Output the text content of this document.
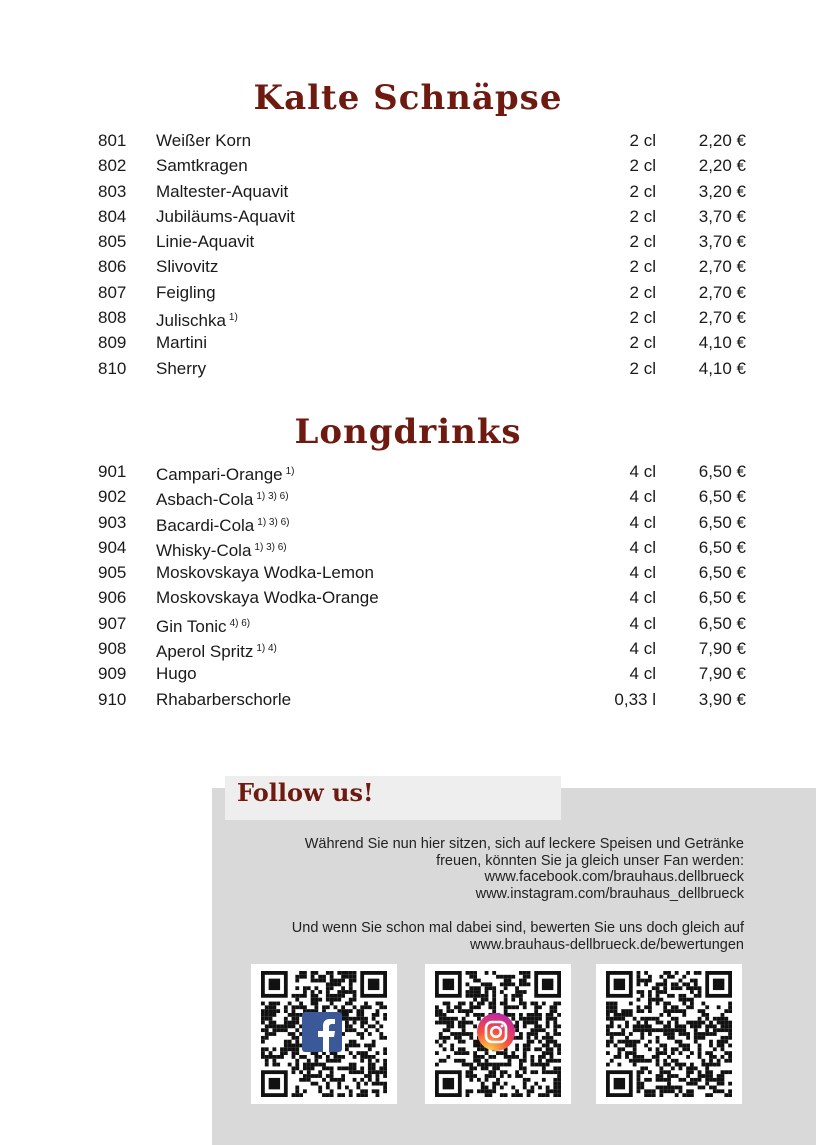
Kalte Schnäpse
801 Weißer Korn	2 cl	2,20 €
802 Samtkragen	2 cl	2,20 €
803 Maltester-Aquavit	2 cl	3,20 €
804 Jubiläums-Aquavit	2 cl	3,70 €
805 Linie-Aquavit	2 cl	3,70 €
806 Slivovitz	2 cl	2,70 €
807 Feigling	2 cl	2,70 €
808 Julischka $^{1)}$	2 cl	2,70 €
809 Martini	2 cl	4,10 €
810 Sherry	2 cl	4,10 €
Longdrinks
901 Campari-Orange $^{1)}$	4 cl	6,50 €
902 Asbach-Cola $^{1) 3) 6)}$	4 cl	6,50 €
903 Bacardi-Cola $^{1) 3) 6)}$	4 cl	6,50 €
904 Whisky-Cola $^{1) 3) 6)}$	4 cl	6,50 €
905 Moskovskaya Wodka-Lemon	4 cl	6,50 €
906 Moskovskaya Wodka-Orange	4 cl	6,50 €
907 Gin Tonic $^{4) 6)}$	4 cl	6,50 €
908 Aperol Spritz $^{1) 4)}$	4 cl	7,90 €
909 Hugo	4 cl	7,90 €
910 Rhabarberschorle	0,33 l	3,90 €
Follow us!
Während Sie nun hier sitzen, sich auf leckere Speisen und Getränke
freuen, könnten Sie ja gleich unser Fan werden:
www.facebook.com/brauhaus.dellbrueck
www.instagram.com/brauhaus_dellbrueck
Und wenn Sie schon mal dabei sind, bewerten Sie uns doch gleich auf
www.brauhaus-dellbrueck.de/bewertungen
